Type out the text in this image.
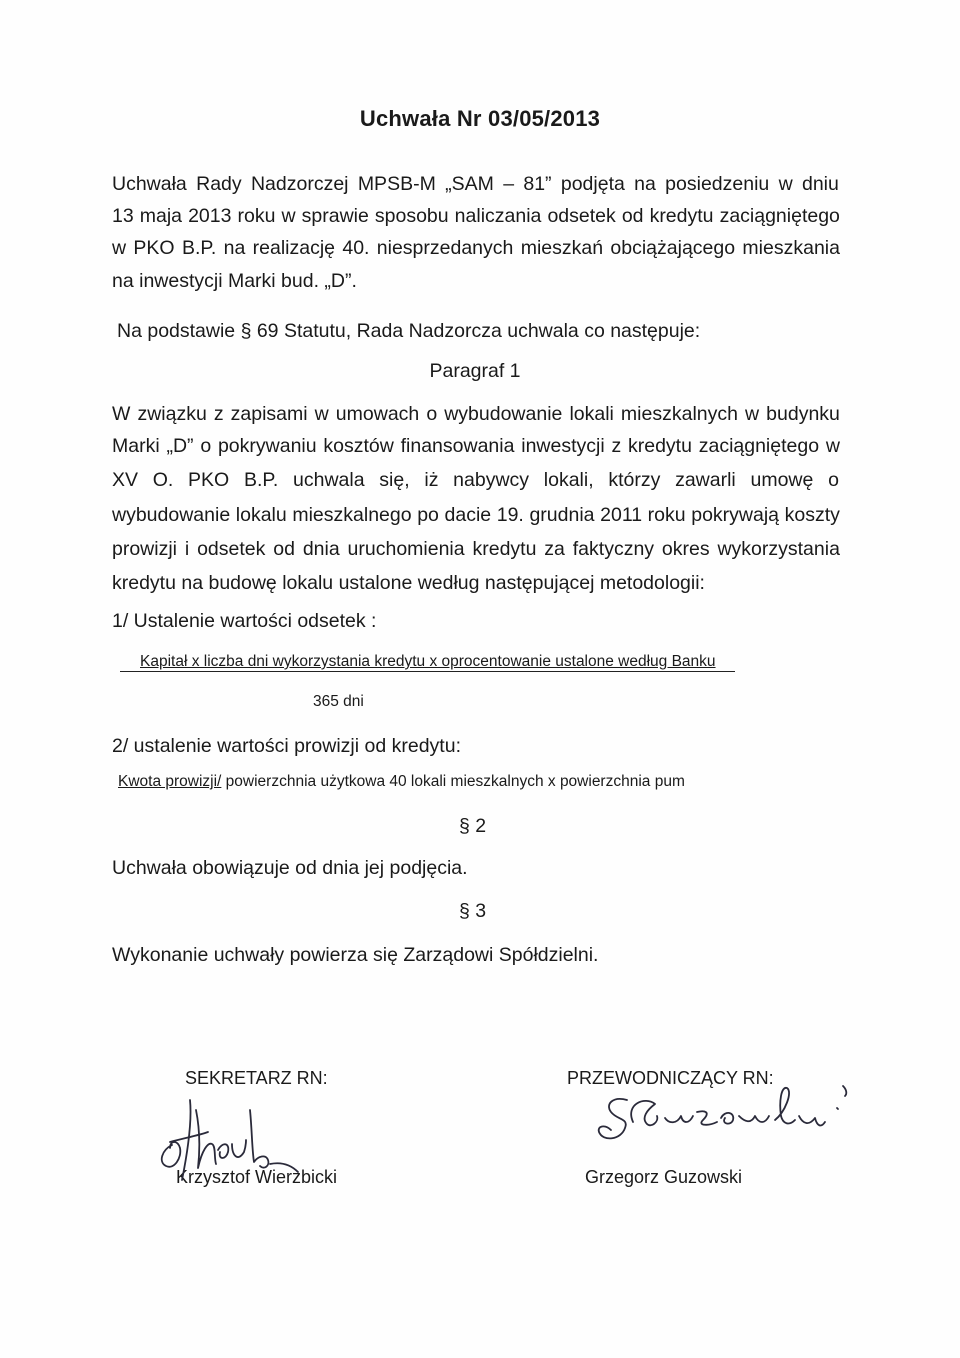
Uchwała Nr 03/05/2013
Uchwała Rady Nadzorczej MPSB-M „SAM – 81” podjęta na posiedzeniu w dniu
13 maja 2013 roku w sprawie sposobu naliczania odsetek od kredytu zaciągniętego
w PKO B.P. na realizację 40. niesprzedanych mieszkań obciążającego mieszkania
na inwestycji Marki bud. „D”.
Na podstawie § 69 Statutu, Rada Nadzorcza uchwala co następuje:
Paragraf 1
W związku z zapisami w umowach o wybudowanie lokali mieszkalnych w budynku
Marki „D” o pokrywaniu kosztów finansowania inwestycji z kredytu zaciągniętego w
XV O. PKO B.P. uchwala się, iż nabywcy lokali, którzy zawarli umowę o
wybudowanie lokalu mieszkalnego po dacie 19. grudnia 2011 roku pokrywają koszty
prowizji i odsetek od dnia uruchomienia kredytu za faktyczny okres wykorzystania
kredytu na budowę lokalu ustalone według następującej metodologii:
1/ Ustalenie wartości odsetek :
Kapitał x liczba dni wykorzystania kredytu x oprocentowanie ustalone według Banku
365 dni
2/ ustalenie wartości prowizji od kredytu:
Kwota prowizji/ powierzchnia użytkowa 40 lokali mieszkalnych x powierzchnia pum
§ 2
Uchwała obowiązuje od dnia jej podjęcia.
§ 3
Wykonanie uchwały powierza się Zarządowi Spółdzielni.
SEKRETARZ RN:
Krzysztof Wierzbicki
PRZEWODNICZĄCY RN:
Grzegorz Guzowski
